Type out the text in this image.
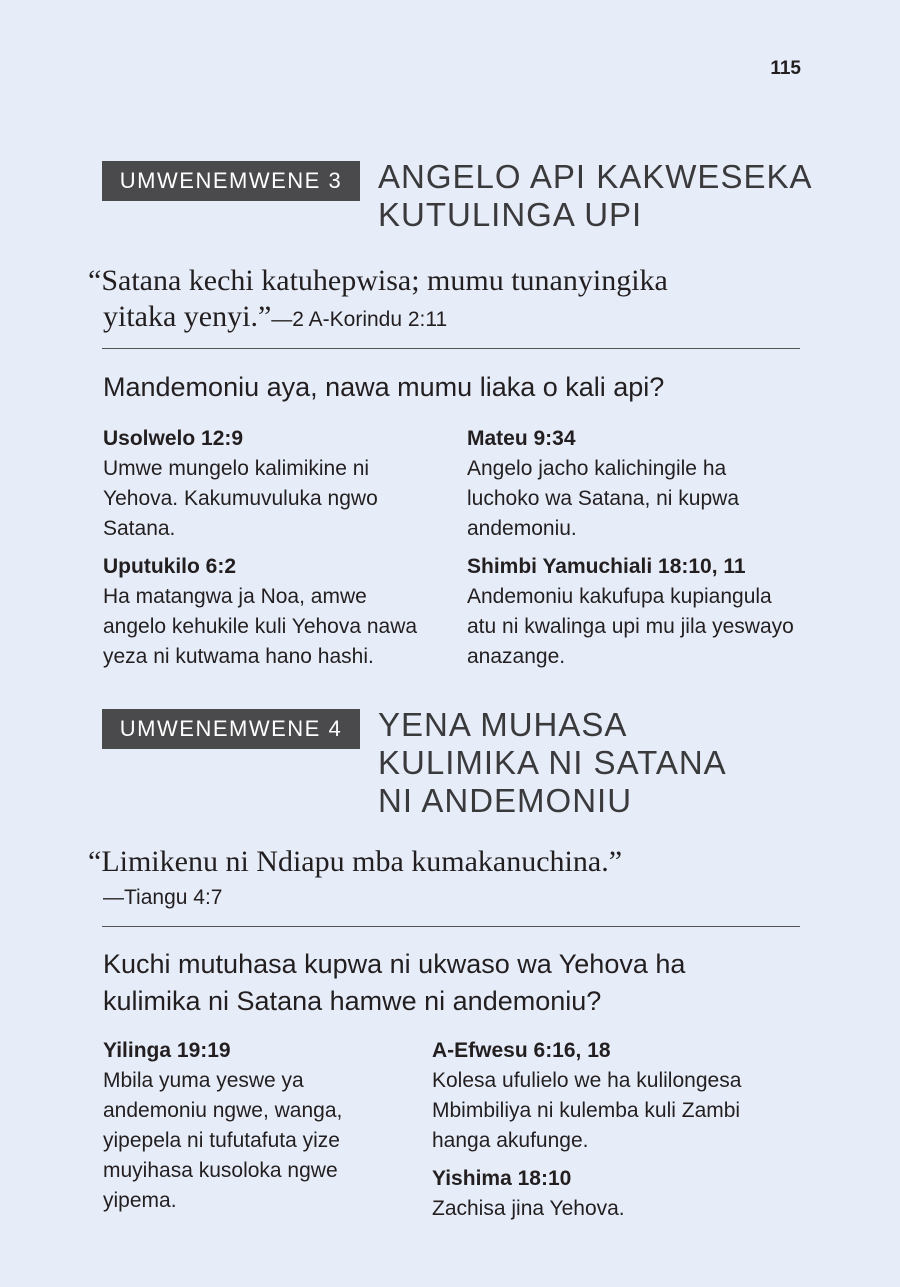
115
UMWENEMWENE 3	ANGELO API KAKWESEKA
KUTULINGA UPI
“Satana kechi katuhepwisa; mumu tunanyingika
yitaka yenyi.”—2 A-Korindu 2:11
Mandemoniu aya, nawa mumu liaka o kali api?
Usolwelo 12:9
Umwe mungelo kalimikine ni Yehova. Kakumuvuluka ngwo Satana.
Uputukilo 6:2
Ha matangwa ja Noa, amwe angelo kehukile kuli Yehova nawa yeza ni kutwama hano hashi.
Mateu 9:34
Angelo jacho kalichingile ha luchoko wa Satana, ni kupwa andemoniu.
Shimbi Yamuchiali 18:10, 11
Andemoniu kakufupa kupiangula atu ni kwalinga upi mu jila yeswayo anazange.
UMWENEMWENE 4	YENA MUHASA
KULIMIKA NI SATANA
NI ANDEMONIU
“Limikenu ni Ndiapu mba kumakanuchina.”
—Tiangu 4:7
Kuchi mutuhasa kupwa ni ukwaso wa Yehova ha
kulimika ni Satana hamwe ni andemoniu?
Yilinga 19:19
Mbila yuma yeswe ya andemoniu ngwe, wanga, yipepela ni tufutafuta yize muyihasa kusoloka ngwe yipema.
A-Efwesu 6:16, 18
Kolesa ufulielo we ha kulilongesa Mbimbiliya ni kulemba kuli Zambi hanga akufunge.
Yishima 18:10
Zachisa jina Yehova.
